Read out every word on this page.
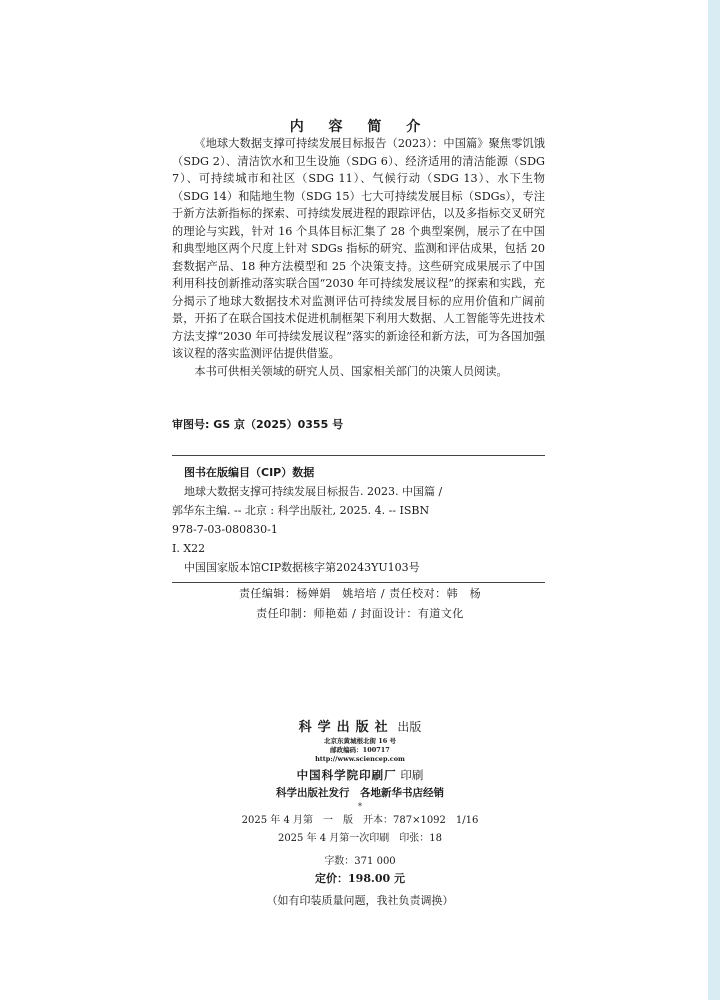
内 容 简 介

《地球大数据支撑可持续发展目标报告（2023）：中国篇》聚焦零饥饿（SDG 2）、清洁饮水和卫生设施（SDG 6）、经济适用的清洁能源（SDG 7）、可持续城市和社区（SDG 11）、气候行动（SDG 13）、水下生物（SDG 14）和陆地生物（SDG 15）七大可持续发展目标（SDGs），专注于新方法新指标的探索、可持续发展进程的跟踪评估，以及多指标交叉研究的理论与实践，针对 16 个具体目标汇集了 28 个典型案例，展示了在中国和典型地区两个尺度上针对 SDGs 指标的研究、监测和评估成果，包括 20 套数据产品、18 种方法模型和 25 个决策支持。这些研究成果展示了中国利用科技创新推动落实联合国“2030 年可持续发展议程”的探索和实践，充分揭示了地球大数据技术对监测评估可持续发展目标的应用价值和广阔前景，开拓了在联合国技术促进机制框架下利用大数据、人工智能等先进技术方法支撑“2030 年可持续发展议程”落实的新途径和新方法，可为各国加强该议程的落实监测评估提供借鉴。

本书可供相关领域的研究人员、国家相关部门的决策人员阅读。

审图号: GS 京（2025）0355 号
图书在版编目（CIP）数据
地球大数据支撑可持续发展目标报告. 2023. 中国篇 /
郭华东主编. -- 北京 : 科学出版社, 2025. 4. -- ISBN
978-7-03-080830-1
Ⅰ. X22
中国国家版本馆CIP数据核字第20243YU103号
责任编辑：杨婵娟　姚培培 / 责任校对：韩　杨
责任印制：师艳茹 / 封面设计：有道文化
科学出版社 出版
北京东黄城根北街 16 号
邮政编码：100717
http://www.sciencep.com
中国科学院印刷厂 印刷
科学出版社发行　各地新华书店经销
*
2025 年 4 月第　一　版　开本：787×1092　1/16
2025 年 4 月第一次印刷　印张：18
字数：371 000
定价：198.00 元
（如有印装质量问题，我社负责调换）
